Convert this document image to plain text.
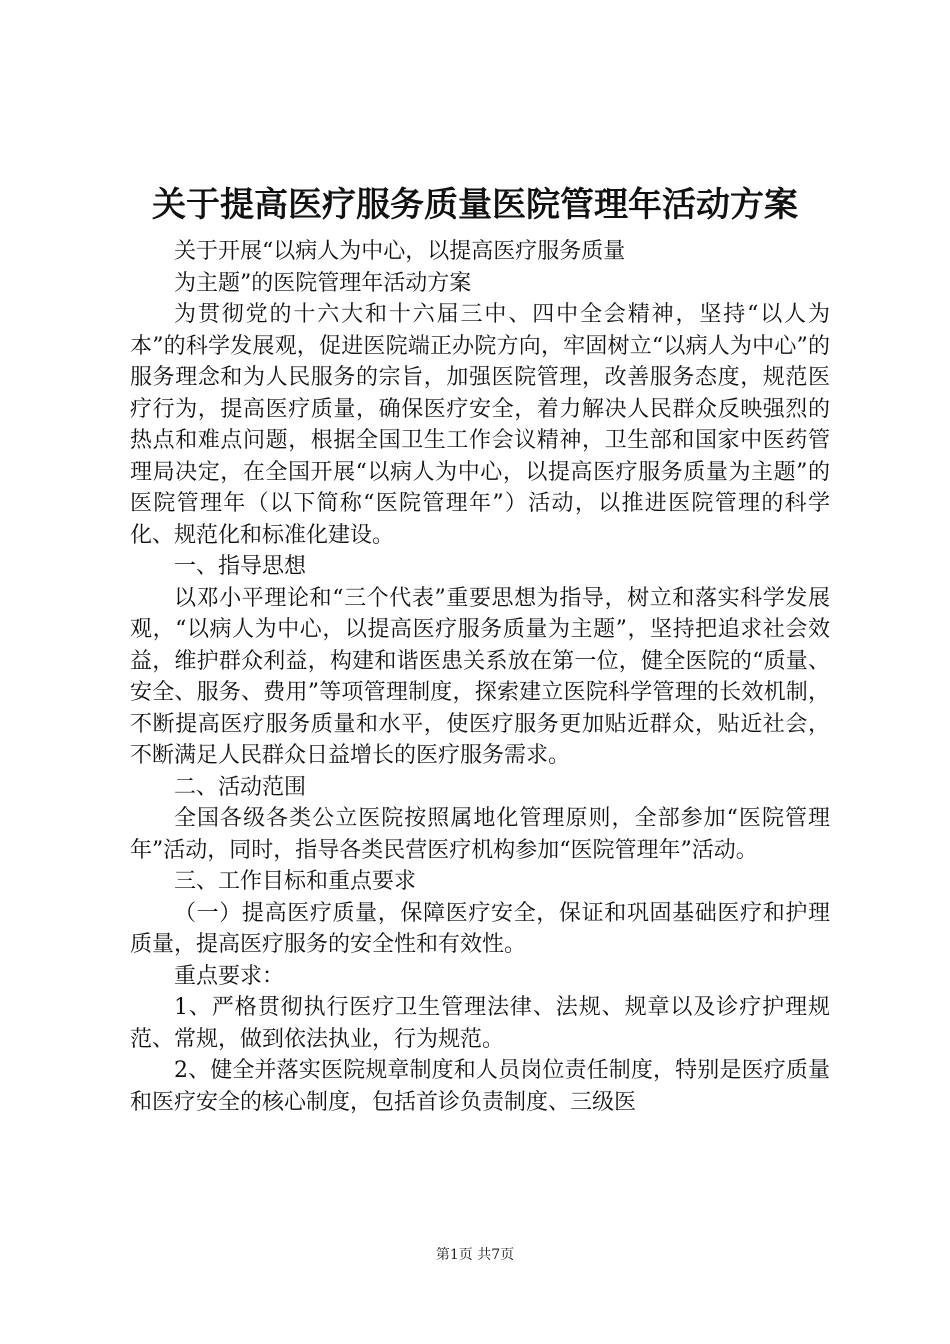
关于提高医疗服务质量医院管理年活动方案

关于开展“以病人为中心，以提高医疗服务质量

为主题”的医院管理年活动方案

为贯彻党的十六大和十六届三中、四中全会精神，坚持“以人为本”的科学发展观，促进医院端正办院方向，牢固树立“以病人为中心”的服务理念和为人民服务的宗旨，加强医院管理，改善服务态度，规范医疗行为，提高医疗质量，确保医疗安全，着力解决人民群众反映强烈的热点和难点问题，根据全国卫生工作会议精神，卫生部和国家中医药管理局决定，在全国开展“以病人为中心，以提高医疗服务质量为主题”的医院管理年（以下简称“医院管理年”）活动，以推进医院管理的科学化、规范化和标准化建设。

一、指导思想

以邓小平理论和“三个代表”重要思想为指导，树立和落实科学发展观，“以病人为中心，以提高医疗服务质量为主题”，坚持把追求社会效益，维护群众利益，构建和谐医患关系放在第一位，健全医院的“质量、安全、服务、费用”等项管理制度，探索建立医院科学管理的长效机制，不断提高医疗服务质量和水平，使医疗服务更加贴近群众，贴近社会，不断满足人民群众日益增长的医疗服务需求。

二、活动范围

全国各级各类公立医院按照属地化管理原则，全部参加“医院管理年”活动，同时，指导各类民营医疗机构参加“医院管理年”活动。

三、工作目标和重点要求

（一）提高医疗质量，保障医疗安全，保证和巩固基础医疗和护理质量，提高医疗服务的安全性和有效性。

重点要求：

1、严格贯彻执行医疗卫生管理法律、法规、规章以及诊疗护理规范、常规，做到依法执业，行为规范。

2、健全并落实医院规章制度和人员岗位责任制度，特别是医疗质量和医疗安全的核心制度，包括首诊负责制度、三级医

第1页 共7页
